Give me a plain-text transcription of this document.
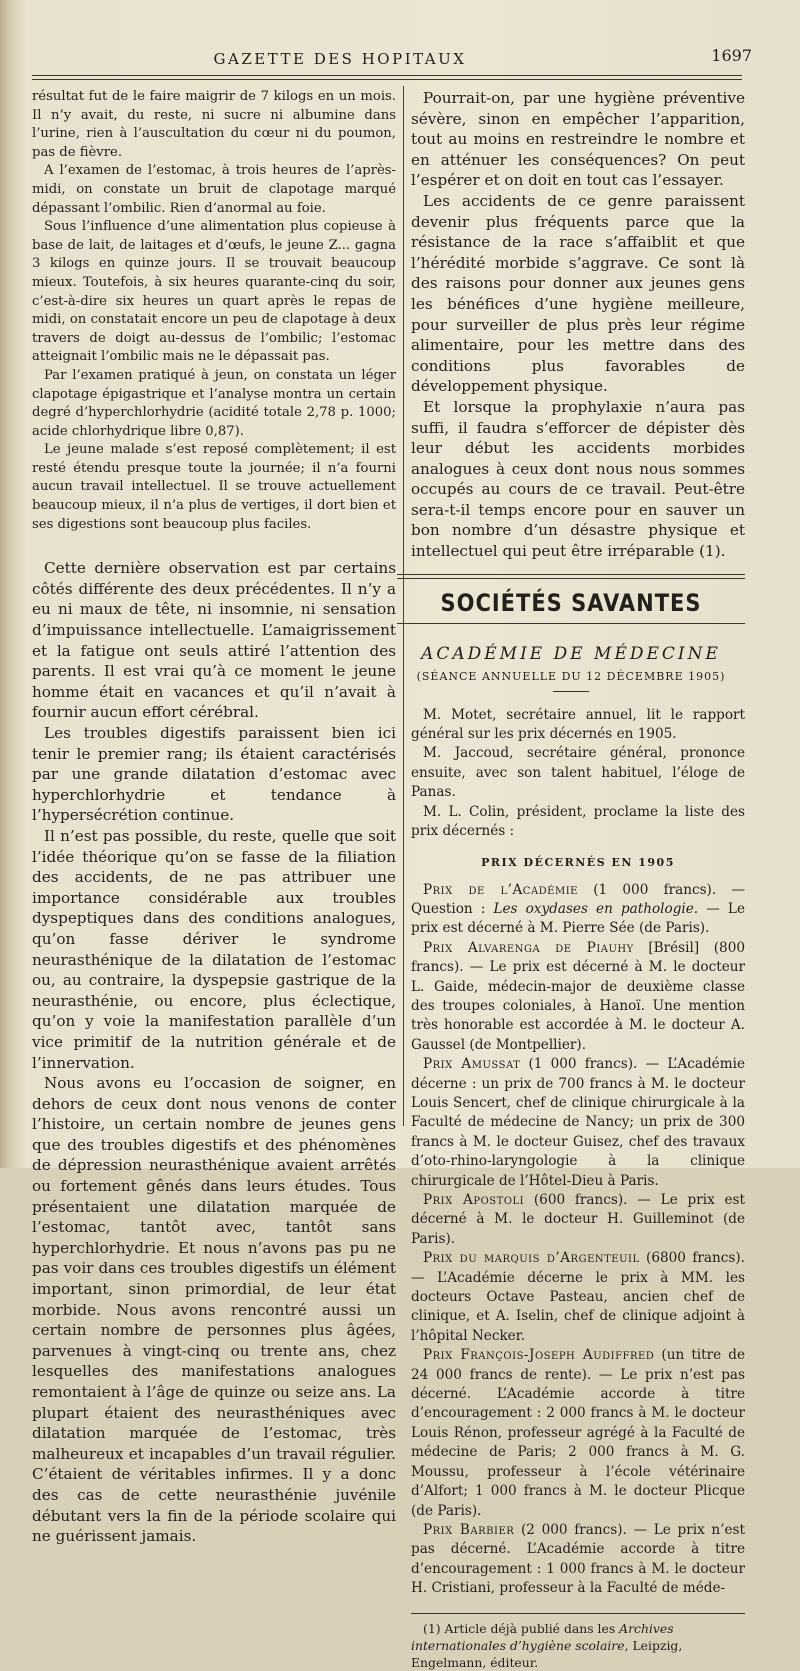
GAZETTE DES HOPITAUX	1697

résultat fut de le faire maigrir de 7 kilogs en un mois. Il n’y avait, du reste, ni sucre ni albumine dans l’urine, rien à l’auscultation du cœur ni du poumon, pas de fièvre.

A l’examen de l’estomac, à trois heures de l’après-midi, on constate un bruit de clapotage marqué dépassant l’ombilic. Rien d’anormal au foie.

Sous l’influence d’une alimentation plus copieuse à base de lait, de laitages et d’œufs, le jeune Z... gagna 3 kilogs en quinze jours. Il se trouvait beaucoup mieux. Toutefois, à six heures quarante-cinq du soir, c’est-à-dire six heures un quart après le repas de midi, on constatait encore un peu de clapotage à deux travers de doigt au-dessus de l’ombilic; l’estomac atteignait l’ombilic mais ne le dépassait pas.

Par l’examen pratiqué à jeun, on constata un léger clapotage épigastrique et l’analyse montra un certain degré d’hyperchlorhydrie (acidité totale 2,78 p. 1000; acide chlorhydrique libre 0,87).

Le jeune malade s’est reposé complètement; il est resté étendu presque toute la journée; il n’a fourni aucun travail intellectuel. Il se trouve actuellement beaucoup mieux, il n’a plus de vertiges, il dort bien et ses digestions sont beaucoup plus faciles.

Cette dernière observation est par certains côtés différente des deux précédentes. Il n’y a eu ni maux de tête, ni insomnie, ni sensation d’impuissance intellectuelle. L’amaigrissement et la fatigue ont seuls attiré l’attention des parents. Il est vrai qu’à ce moment le jeune homme était en vacances et qu’il n’avait à fournir aucun effort cérébral.

Les troubles digestifs paraissent bien ici tenir le premier rang; ils étaient caractérisés par une grande dilatation d’estomac avec hyperchlorhydrie et tendance à l’hypersécrétion continue.

Il n’est pas possible, du reste, quelle que soit l’idée théorique qu’on se fasse de la filiation des accidents, de ne pas attribuer une importance considérable aux troubles dyspeptiques dans des conditions analogues, qu’on fasse dériver le syndrome neurasthénique de la dilatation de l’estomac ou, au contraire, la dyspepsie gastrique de la neurasthénie, ou encore, plus éclectique, qu’on y voie la manifestation parallèle d’un vice primitif de la nutrition générale et de l’innervation.

Nous avons eu l’occasion de soigner, en dehors de ceux dont nous venons de conter l’histoire, un certain nombre de jeunes gens que des troubles digestifs et des phénomènes de dépression neurasthénique avaient arrêtés ou fortement gênés dans leurs études. Tous présentaient une dilatation marquée de l’estomac, tantôt avec, tantôt sans hyperchlorhydrie. Et nous n’avons pas pu ne pas voir dans ces troubles digestifs un élément important, sinon primordial, de leur état morbide. Nous avons rencontré aussi un certain nombre de personnes plus âgées, parvenues à vingt-cinq ou trente ans, chez lesquelles des manifestations analogues remontaient à l’âge de quinze ou seize ans. La plupart étaient des neurasthéniques avec dilatation marquée de l’estomac, très malheureux et incapables d’un travail régulier. C’étaient de véritables infirmes. Il y a donc des cas de cette neurasthénie juvénile débutant vers la fin de la période scolaire qui ne guérissent jamais.

Pourrait-on, par une hygiène préventive sévère, sinon en empêcher l’apparition, tout au moins en restreindre le nombre et en atténuer les conséquences? On peut l’espérer et on doit en tout cas l’essayer.

Les accidents de ce genre paraissent devenir plus fréquents parce que la résistance de la race s’affaiblit et que l’hérédité morbide s’aggrave. Ce sont là des raisons pour donner aux jeunes gens les bénéfices d’une hygiène meilleure, pour surveiller de plus près leur régime alimentaire, pour les mettre dans des conditions plus favorables de développement physique.

Et lorsque la prophylaxie n’aura pas suffi, il faudra s’efforcer de dépister dès leur début les accidents morbides analogues à ceux dont nous nous sommes occupés au cours de ce travail. Peut-être sera-t-il temps encore pour en sauver un bon nombre d’un désastre physique et intellectuel qui peut être irréparable (1).

SOCIÉTÉS SAVANTES
ACADÉMIE DE MÉDECINE
(SÉANCE ANNUELLE DU 12 DÉCEMBRE 1905)

M. Motet, secrétaire annuel, lit le rapport général sur les prix décernés en 1905.

M. Jaccoud, secrétaire général, prononce ensuite, avec son talent habituel, l’éloge de Panas.

M. L. Colin, président, proclame la liste des prix décernés :

PRIX DÉCERNÉS EN 1905

Prix de l’Académie (1 000 francs). — Question : Les oxydases en pathologie. — Le prix est décerné à M. Pierre Sée (de Paris).

Prix Alvarenga de Piauhy [Brésil] (800 francs). — Le prix est décerné à M. le docteur L. Gaide, médecin-major de deuxième classe des troupes coloniales, à Hanoï. Une mention très honorable est accordée à M. le docteur A. Gaussel (de Montpellier).

Prix Amussat (1 000 francs). — L’Académie décerne : un prix de 700 francs à M. le docteur Louis Sencert, chef de clinique chirurgicale à la Faculté de médecine de Nancy; un prix de 300 francs à M. le docteur Guisez, chef des travaux d’oto-rhino-laryngologie à la clinique chirurgicale de l’Hôtel-Dieu à Paris.

Prix Apostoli (600 francs). — Le prix est décerné à M. le docteur H. Guilleminot (de Paris).

Prix du marquis d’Argenteuil (6800 francs). — L’Académie décerne le prix à MM. les docteurs Octave Pasteau, ancien chef de clinique, et A. Iselin, chef de clinique adjoint à l’hôpital Necker.

Prix François-Joseph Audiffred (un titre de 24 000 francs de rente). — Le prix n’est pas décerné. L’Académie accorde à titre d’encouragement : 2 000 francs à M. le docteur Louis Rénon, professeur agrégé à la Faculté de médecine de Paris; 2 000 francs à M. G. Moussu, professeur à l’école vétérinaire d’Alfort; 1 000 francs à M. le docteur Plicque (de Paris).

Prix Barbier (2 000 francs). — Le prix n’est pas décerné. L’Académie accorde à titre d’encouragement : 1 000 francs à M. le docteur H. Cristiani, professeur à la Faculté de méde-

(1) Article déjà publié dans les Archives internationales d’hygiène scolaire, Leipzig, Engelmann, éditeur.
